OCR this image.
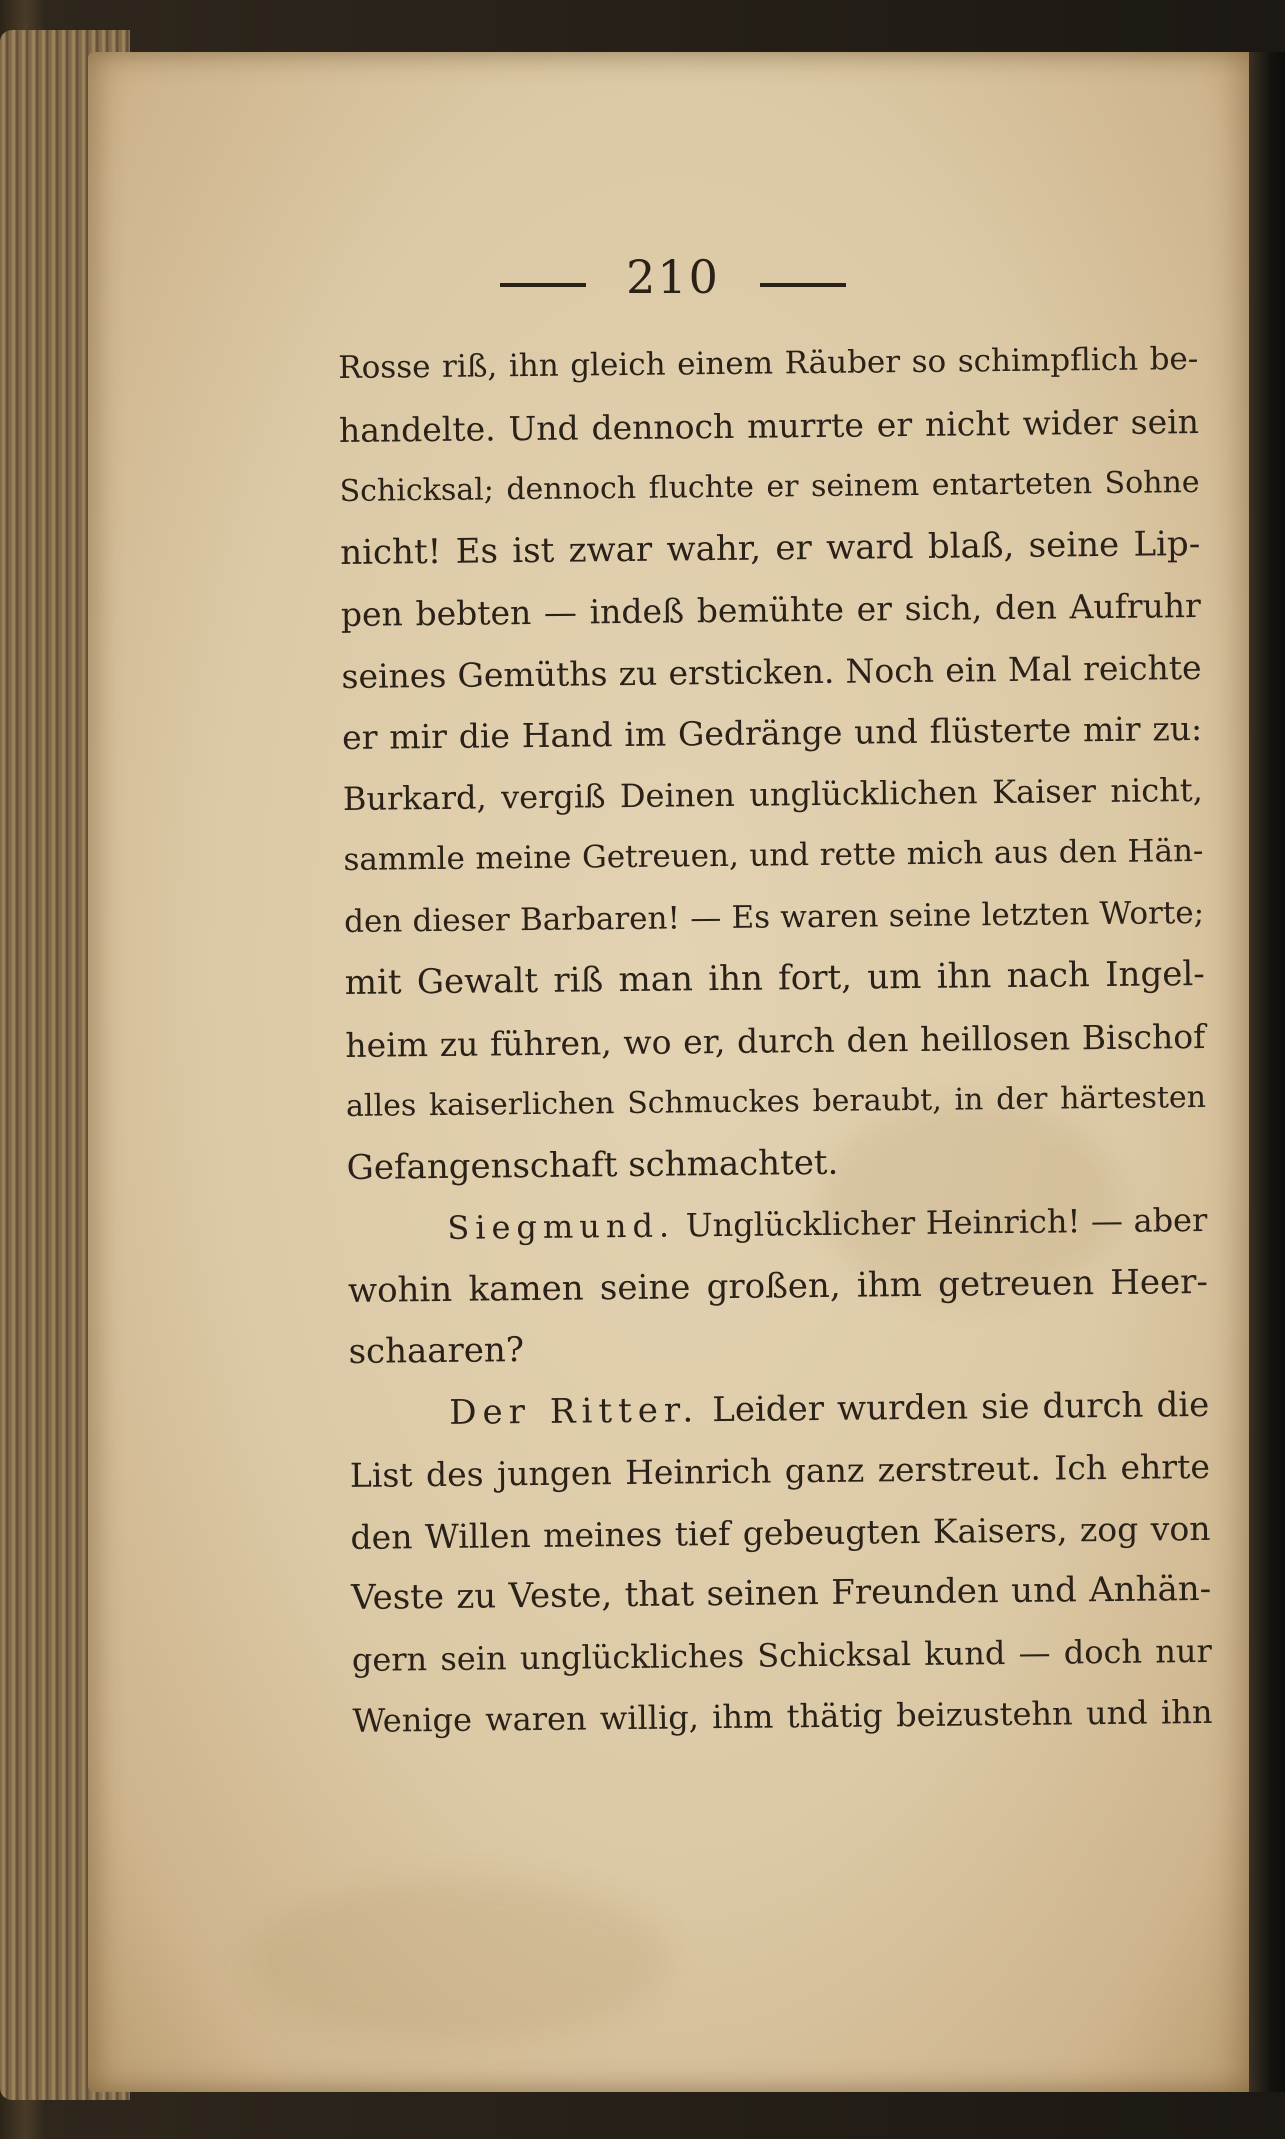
210
Rosse riß, ihn gleich einem Räuber so schimpflich be-
handelte. Und dennoch murrte er nicht wider sein
Schicksal; dennoch fluchte er seinem entarteten Sohne
nicht! Es ist zwar wahr, er ward blaß, seine Lip-
pen bebten — indeß bemühte er sich, den Aufruhr
seines Gemüths zu ersticken. Noch ein Mal reichte
er mir die Hand im Gedränge und flüsterte mir zu:
Burkard, vergiß Deinen unglücklichen Kaiser nicht,
sammle meine Getreuen, und rette mich aus den Hän-
den dieser Barbaren! — Es waren seine letzten Worte;
mit Gewalt riß man ihn fort, um ihn nach Ingel-
heim zu führen, wo er, durch den heillosen Bischof
alles kaiserlichen Schmuckes beraubt, in der härtesten
Gefangenschaft schmachtet.
Siegmund. Unglücklicher Heinrich! — aber
wohin kamen seine großen, ihm getreuen Heer-
schaaren?
Der Ritter. Leider wurden sie durch die
List des jungen Heinrich ganz zerstreut. Ich ehrte
den Willen meines tief gebeugten Kaisers, zog von
Veste zu Veste, that seinen Freunden und Anhän-
gern sein unglückliches Schicksal kund — doch nur
Wenige waren willig, ihm thätig beizustehn und ihn
